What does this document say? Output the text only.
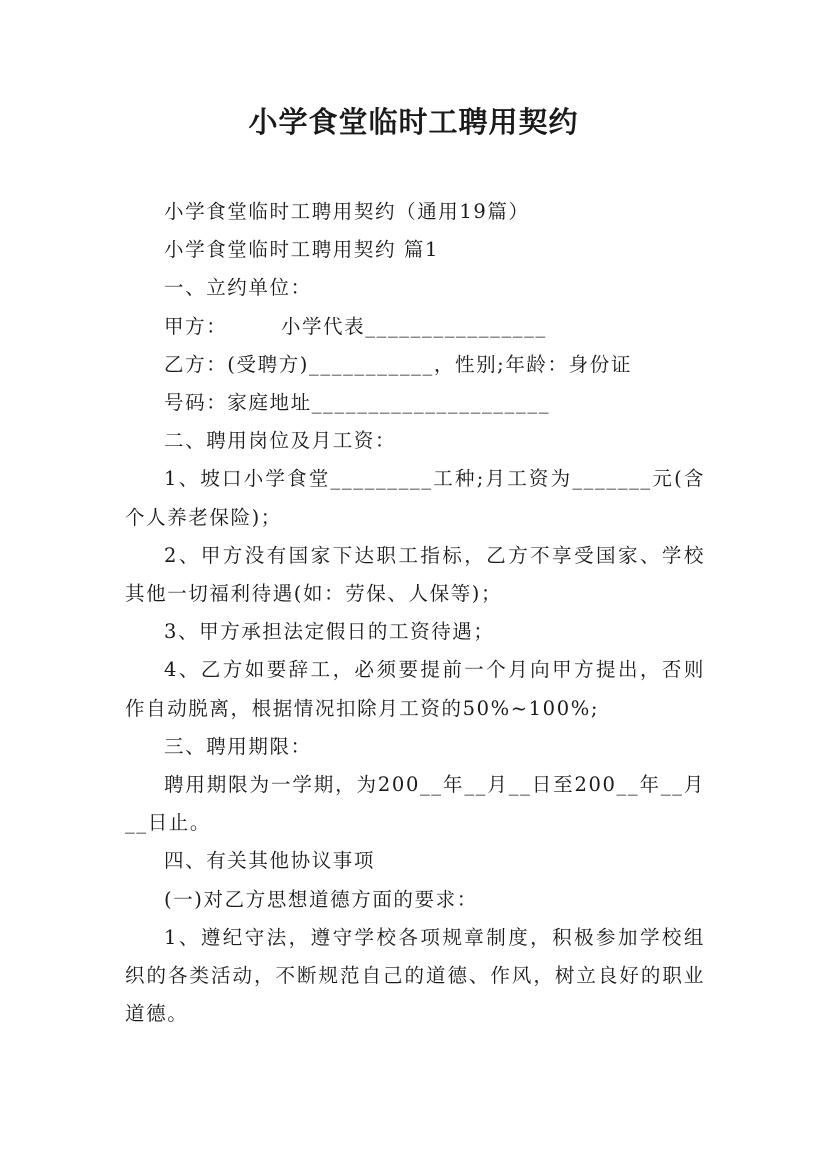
小学食堂临时工聘用契约

小学食堂临时工聘用契约（通用19篇）

小学食堂临时工聘用契约 篇1

一、立约单位：

甲方：　　　小学代表________________

乙方：(受聘方)___________，性别;年龄：身份证

号码：家庭地址_____________________

二、聘用岗位及月工资：

1、坡口小学食堂_________工种;月工资为_______元(含个人养老保险)；

2、甲方没有国家下达职工指标，乙方不享受国家、学校其他一切福利待遇(如：劳保、人保等)；

3、甲方承担法定假日的工资待遇；

4、乙方如要辞工，必须要提前一个月向甲方提出，否则作自动脱离，根据情况扣除月工资的50%~100%;

三、聘用期限：

聘用期限为一学期，为200__年__月__日至200__年__月__日止。

四、有关其他协议事项

(一)对乙方思想道德方面的要求：

1、遵纪守法，遵守学校各项规章制度，积极参加学校组织的各类活动，不断规范自己的道德、作风，树立良好的职业道德。
